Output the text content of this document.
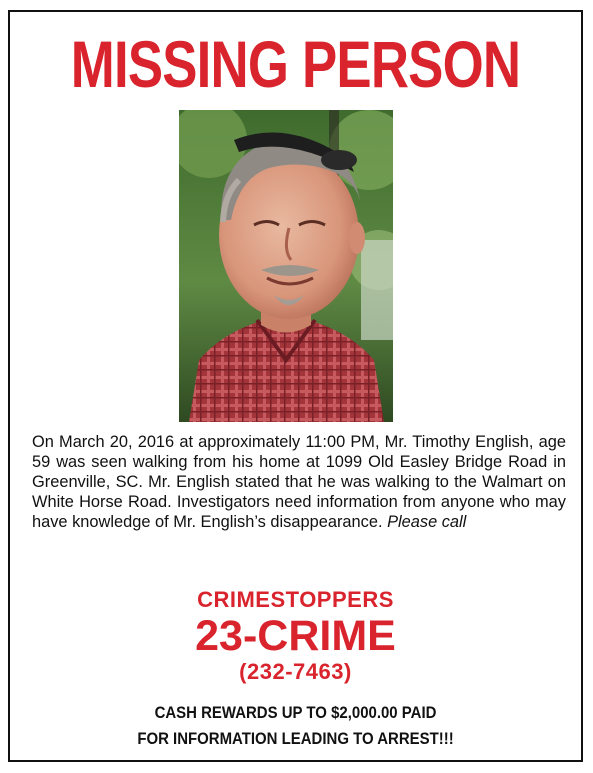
MISSING PERSON
On March 20, 2016 at approximately 11:00 PM, Mr. Timothy English, age 59 was seen walking from his home at 1099 Old Easley Bridge Road in Greenville, SC. Mr. English stated that he was walking to the Walmart on White Horse Road. Investigators need information from anyone who may have knowledge of Mr. English’s disappearance. Please call
CRIMESTOPPERS
23-CRIME
(232-7463)
CASH REWARDS UP TO $2,000.00 PAID
FOR INFORMATION LEADING TO ARREST!!!
